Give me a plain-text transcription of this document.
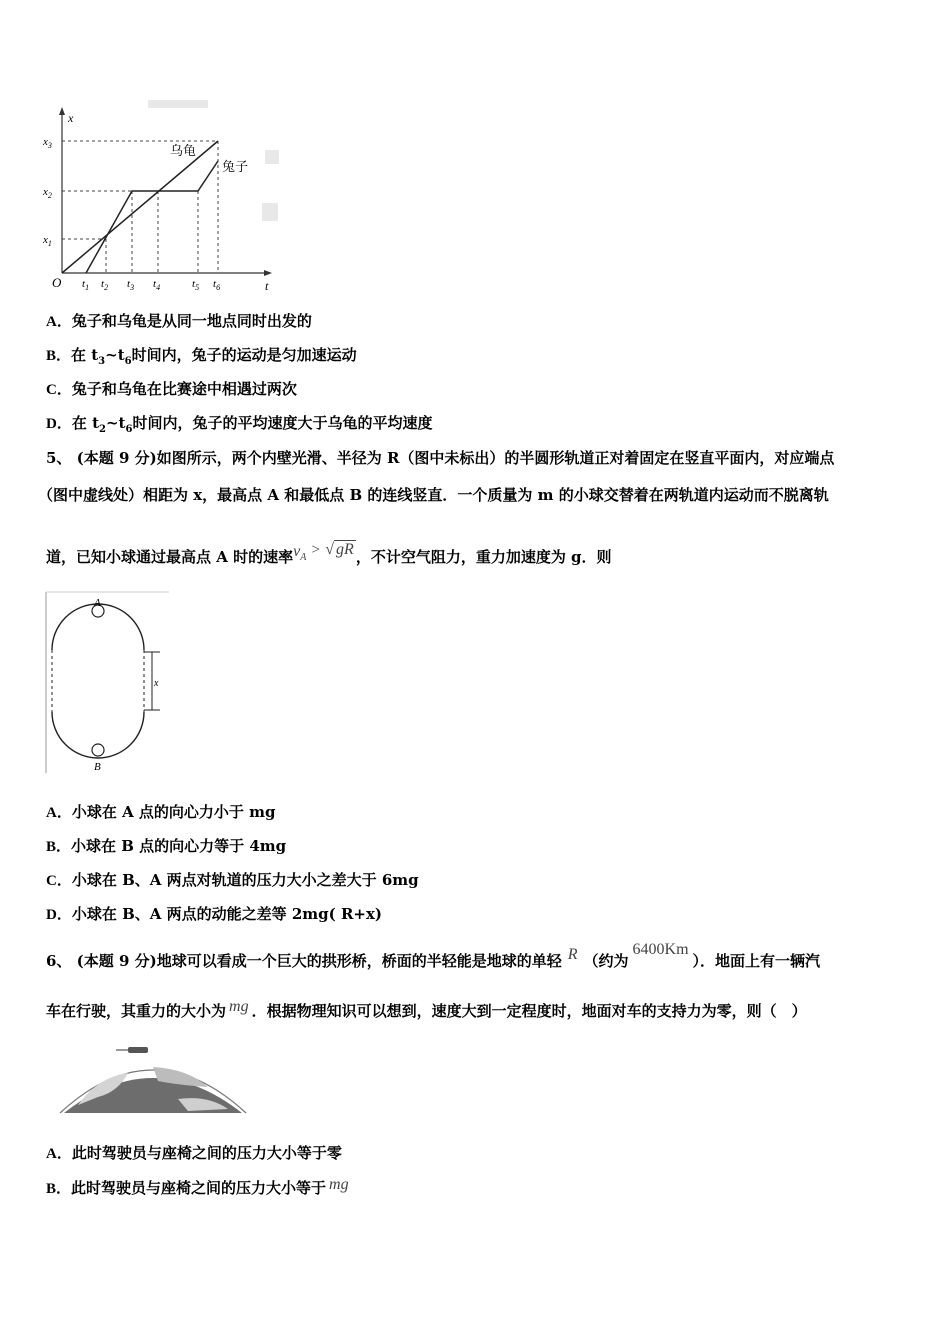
x
t
O
乌龟
兔子
$x_3$
$x_2$
$x_1$
$t_1$ $t_2$ $t_3$ $t_4$	$t_5$ $t_6$
A．兔子和乌龟是从同一地点同时出发的
B．在 $t_3\sim t_6$时间内，兔子的运动是匀加速运动
C．兔子和乌龟在比赛途中相遇过两次
D．在 $t_2\sim t_6$时间内，兔子的平均速度大于乌龟的平均速度
5、 (本题 9 分)如图所示，两个内壁光滑、半径为 R（图中未标出）的半圆形轨道正对着固定在竖直平面内，对应端点
（图中虚线处）相距为 x，最高点 A 和最低点 B 的连线竖直．一个质量为 m 的小球交替着在两轨道内运动而不脱离轨
道，已知小球通过最高点 A 时的速率$v_A$ > √ gR ，不计空气阻力，重力加速度为 g．则
A
B
x
A．小球在 A 点的向心力小于 mg
B．小球在 B 点的向心力等于 4mg
C．小球在 B、A 两点对轨道的压力大小之差大于 6mg
D．小球在 B、A 两点的动能之差等 2mg( R+x)
6、 (本题 9 分)地球可以看成一个巨大的拱形桥，桥面的半轻能是地球的单轻 R （约为6400Km）．地面上有一辆汽
车在行驶，其重力的大小为 mg ．根据物理知识可以想到，速度大到一定程度时，地面对车的支持力为零，则（　）
A．此时驾驶员与座椅之间的压力大小等于零
B．此时驾驶员与座椅之间的压力大小等于 mg
